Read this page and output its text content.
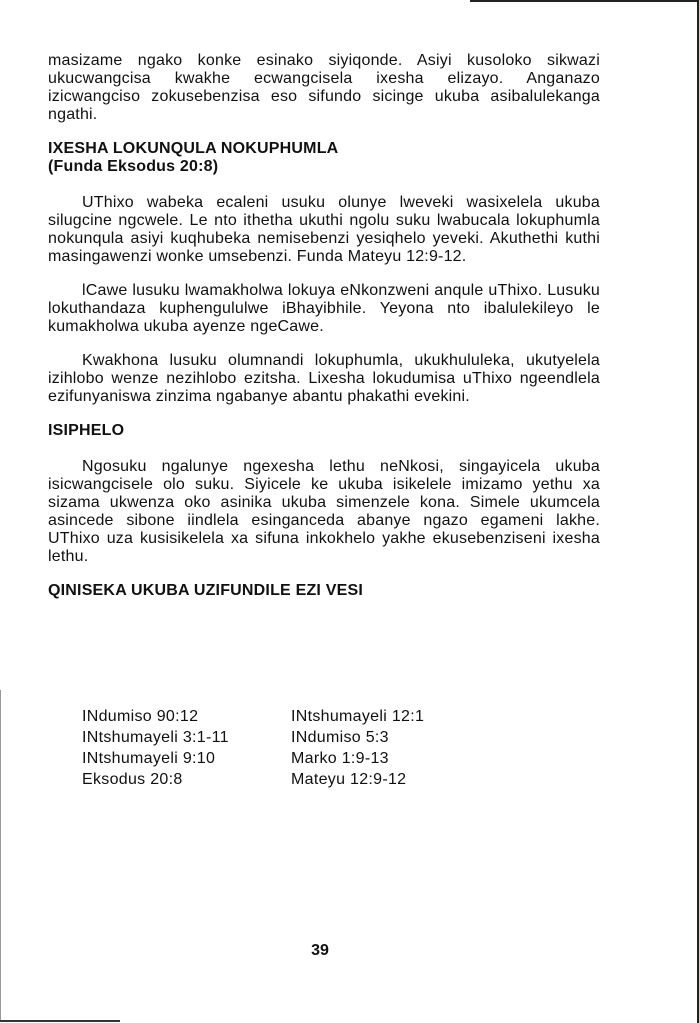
masizame ngako konke esinako siyiqonde. Asiyi kusoloko sikwazi ukucwangcisa kwakhe ecwangcisela ixesha elizayo. Anganazo izicwangciso zokusebenzisa eso sifundo sicinge ukuba asibalulekanga ngathi.

IXESHA LOKUNQULA NOKUPHUMLA

(Funda Eksodus 20:8)

UThixo wabeka ecaleni usuku olunye lweveki wasixelela ukuba silugcine ngcwele. Le nto ithetha ukuthi ngolu suku lwabucala lokuphumla nokunqula asiyi kuqhubeka nemisebenzi yesiqhelo yeveki. Akuthethi kuthi masingawenzi wonke umsebenzi. Funda Mateyu 12:9-12.

lCawe lusuku lwamakholwa lokuya eNkonzweni anqule uThixo. Lusuku lokuthandaza kuphengululwe iBhayibhile. Yeyona nto ibalulekileyo le kumakholwa ukuba ayenze ngeCawe.

Kwakhona lusuku olumnandi lokuphumla, ukukhululeka, ukutyelela izihlobo wenze nezihlobo ezitsha. Lixesha lokudumisa uThixo ngeendlela ezifunyaniswa zinzima ngabanye abantu phakathi evekini.

ISIPHELO

Ngosuku ngalunye ngexesha lethu neNkosi, singayicela ukuba isicwangcisele olo suku. Siyicele ke ukuba isikelele imizamo yethu xa sizama ukwenza oko asinika ukuba simenzele kona. Simele ukumcela asincede sibone iindlela esinganceda abanye ngazo egameni lakhe. UThixo uza kusisikelela xa sifuna inkokhelo yakhe ekusebenziseni ixesha lethu.

QINISEKA UKUBA UZIFUNDILE EZI VESI

INdumiso 90:12	INtshumayeli 12:1
INtshumayeli 3:1-11	INdumiso 5:3
INtshumayeli 9:10	Marko 1:9-13
Eksodus 20:8	Mateyu 12:9-12
39
